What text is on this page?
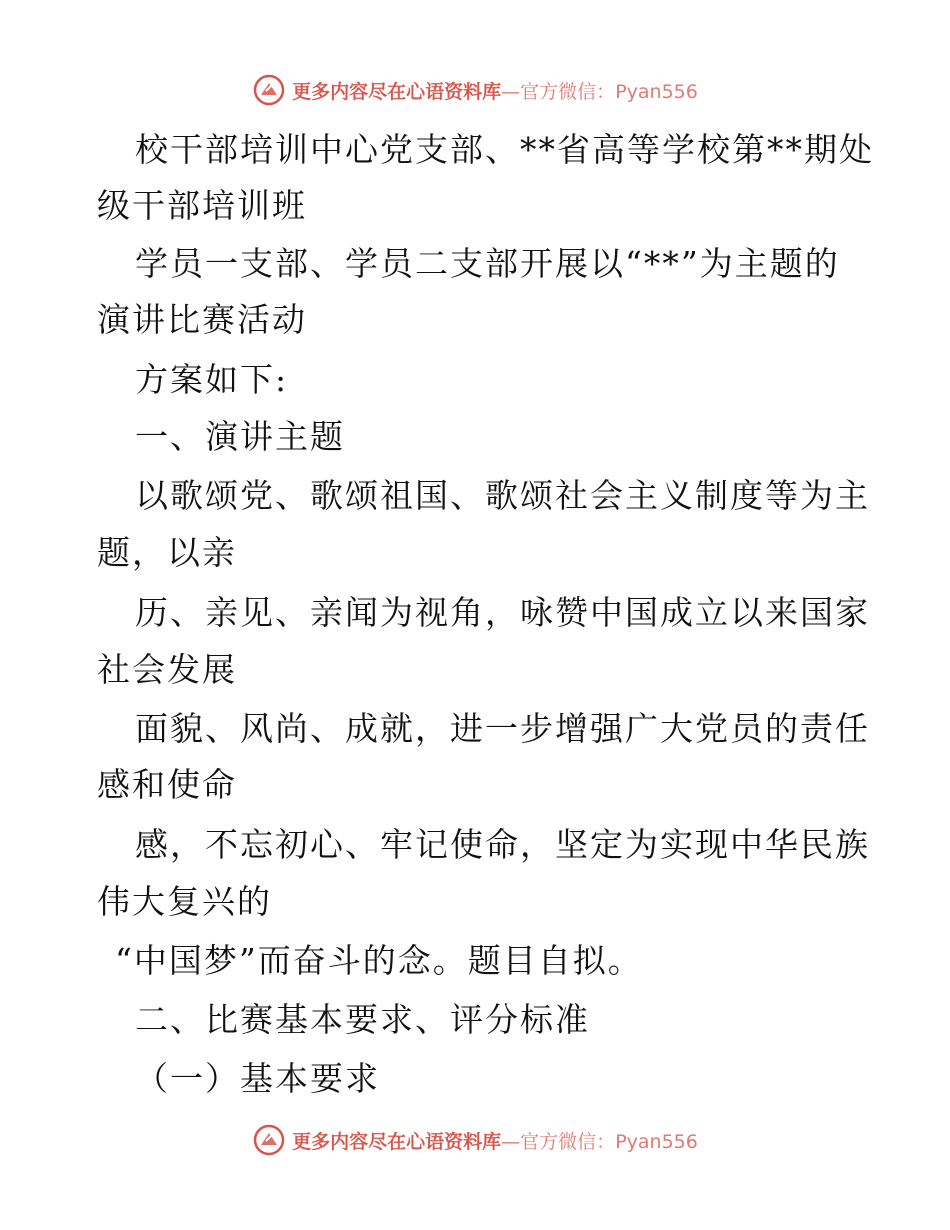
更多内容尽在心语资料库—官方微信：Pyan556
校干部培训中心党支部、**省高等学校第**期处
级干部培训班
学员一支部、学员二支部开展以“**”为主题的
演讲比赛活动
方案如下:
一、演讲主题
以歌颂党、歌颂祖国、歌颂社会主义制度等为主
题，以亲
历、亲见、亲闻为视角，咏赞中国成立以来国家
社会发展
面貌、风尚、成就，进一步增强广大党员的责任
感和使命
感，不忘初心、牢记使命，坚定为实现中华民族
伟大复兴的
“中国梦”而奋斗的念。题目自拟。
二、比赛基本要求、评分标准
（一）基本要求
更多内容尽在心语资料库—官方微信：Pyan556
